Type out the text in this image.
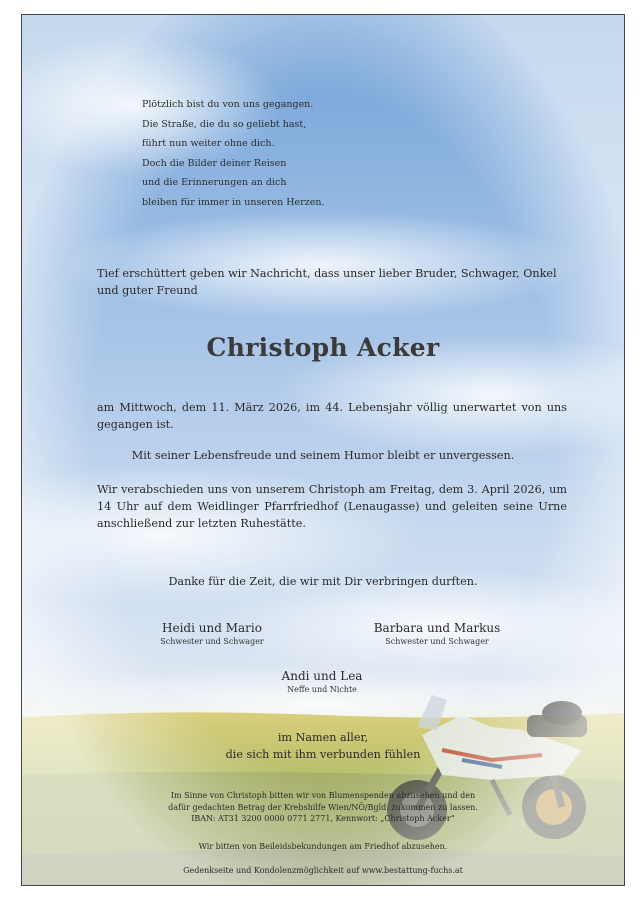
Plötzlich bist du von uns gegangen.
Die Straße, die du so geliebt hast,
führt nun weiter ohne dich.
Doch die Bilder deiner Reisen
und die Erinnerungen an dich
bleiben für immer in unseren Herzen.

Tief erschüttert geben wir Nachricht, dass unser lieber Bruder, Schwager, Onkel und guter Freund

Christoph Acker

am Mittwoch, dem 11. März 2026, im 44. Lebensjahr völlig unerwartet von uns gegangen ist.

Mit seiner Lebensfreude und seinem Humor bleibt er unvergessen.

Wir verabschieden uns von unserem Christoph am Freitag, dem 3. April 2026, um 14 Uhr auf dem Weidlinger Pfarrfriedhof (Lenaugasse) und geleiten seine Urne anschließend zur letzten Ruhestätte.

Danke für die Zeit, die wir mit Dir verbringen durften.

Heidi und Mario
Schwester und Schwager
Barbara und Markus
Schwester und Schwager
Andi und Lea
Neffe und Nichte
im Namen aller,
die sich mit ihm verbunden fühlen
Im Sinne von Christoph bitten wir von Blumenspenden abzusehen und den
dafür gedachten Betrag der Krebshilfe Wien/NÖ/Bgld. zukommen zu lassen.
IBAN: AT31 3200 0000 0771 2771, Kennwort: „Christoph Acker“

Wir bitten von Beileidsbekundungen am Friedhof abzusehen.

Gedenkseite und Kondolenzmöglichkeit auf www.bestattung-fuchs.at
